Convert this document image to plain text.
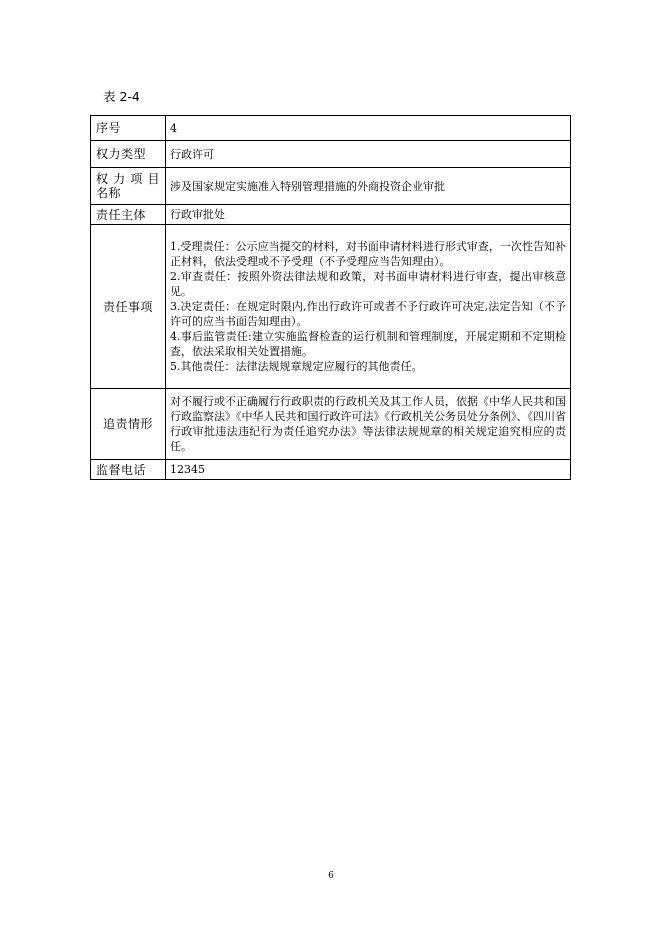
表 2-4
序号	4
权力类型	行政许可
权 力 项 目 名称	涉及国家规定实施准入特别管理措施的外商投资企业审批
责任主体	行政审批处
责任事项	1.受理责任：公示应当提交的材料，对书面申请材料进行形式审查，一次性告知补正材料，依法受理或不予受理（不予受理应当告知理由）。
2.审查责任：按照外资法律法规和政策，对书面申请材料进行审查，提出审核意见。
3.决定责任：在规定时限内,作出行政许可或者不予行政许可决定,法定告知（不予许可的应当书面告知理由）。
4.事后监管责任:建立实施监督检查的运行机制和管理制度，开展定期和不定期检查，依法采取相关处置措施。
5.其他责任：法律法规规章规定应履行的其他责任。

追责情形	对不履行或不正确履行行政职责的行政机关及其工作人员，依据《中华人民共和国行政监察法》《中华人民共和国行政许可法》《行政机关公务员处分条例》、《四川省行政审批违法违纪行为责任追究办法》等法律法规规章的相关规定追究相应的责任。
监督电话	12345
6
